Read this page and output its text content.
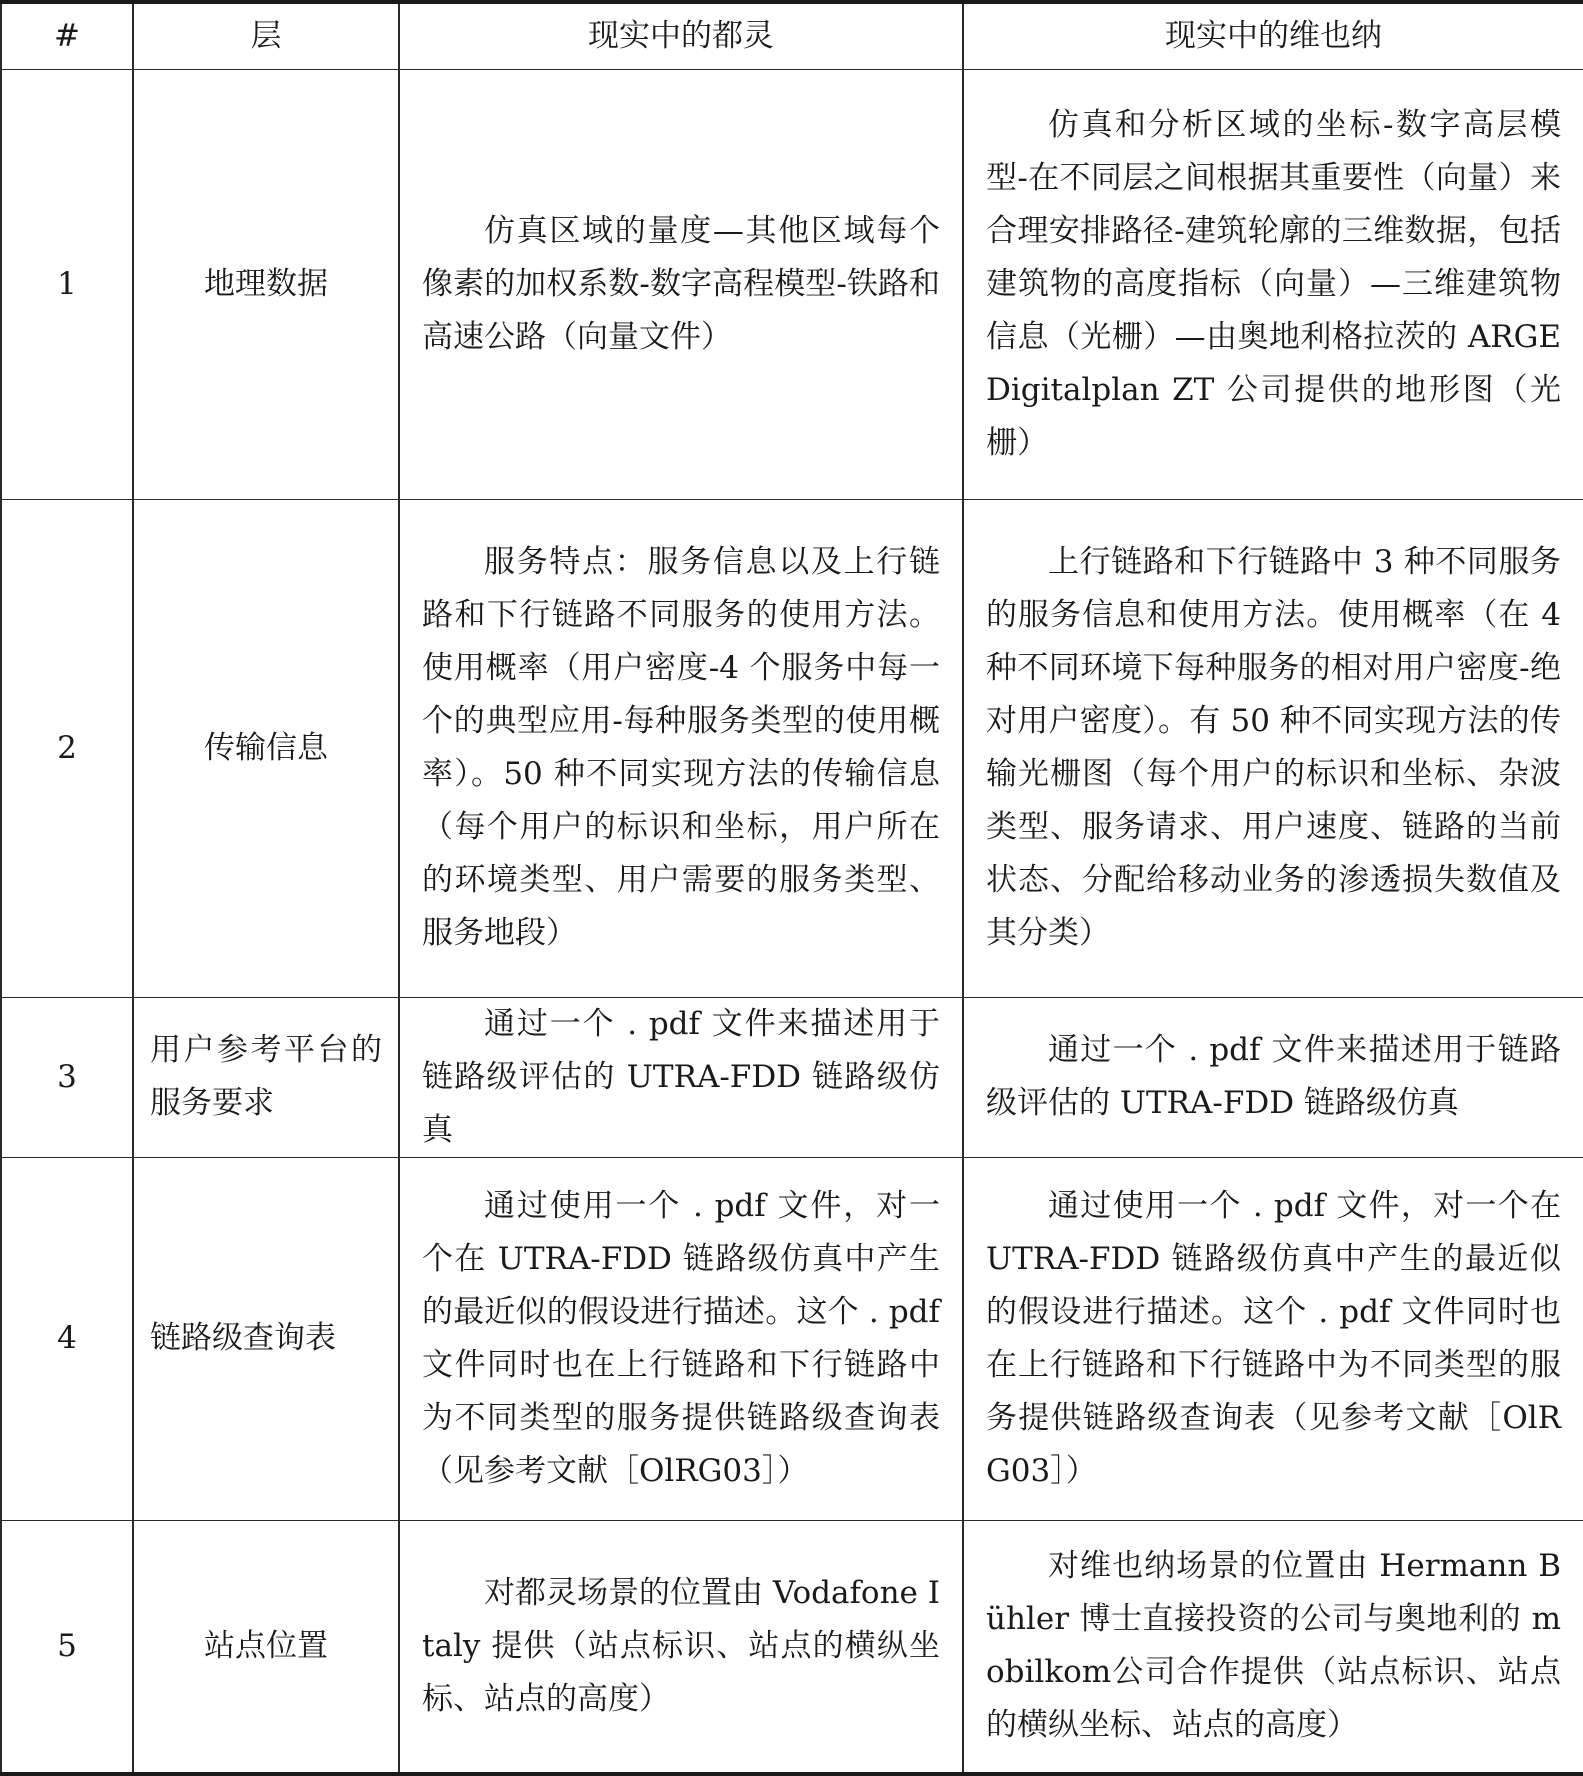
#	层	现实中的都灵	现实中的维也纳
1	地理数据	仿真区域的量度—其他区域每个像素的加权系数-数字高程模型-铁路和高速公路（向量文件）	仿真和分析区域的坐标-数字高层模型-在不同层之间根据其重要性（向量）来合理安排路径-建筑轮廓的三维数据，包括建筑物的高度指标（向量）—三维建筑物信息（光栅）—由奥地利格拉茨的 ARGE Digitalplan ZT 公司提供的地形图（光栅）
2	传输信息	服务特点：服务信息以及上行链路和下行链路不同服务的使用方法。使用概率（用户密度-4 个服务中每一个的典型应用-每种服务类型的使用概率）。50 种不同实现方法的传输信息（每个用户的标识和坐标，用户所在的环境类型、用户需要的服务类型、服务地段）	上行链路和下行链路中 3 种不同服务的服务信息和使用方法。使用概率（在 4 种不同环境下每种服务的相对用户密度-绝对用户密度）。有 50 种不同实现方法的传输光栅图（每个用户的标识和坐标、杂波类型、服务请求、用户速度、链路的当前状态、分配给移动业务的渗透损失数值及其分类）
3	用户参考平台的服务要求	通过一个 . pdf 文件来描述用于链路级评估的 UTRA-FDD 链路级仿真	通过一个 . pdf 文件来描述用于链路级评估的 UTRA-FDD 链路级仿真
4	链路级查询表	通过使用一个 . pdf 文件，对一个在 UTRA-FDD 链路级仿真中产生的最近似的假设进行描述。这个 . pdf 文件同时也在上行链路和下行链路中为不同类型的服务提供链路级查询表（见参考文献［OlRG03］）	通过使用一个 . pdf 文件，对一个在 UTRA-FDD 链路级仿真中产生的最近似的假设进行描述。这个 . pdf 文件同时也在上行链路和下行链路中为不同类型的服务提供链路级查询表（见参考文献［OlRG03］）
5	站点位置	对都灵场景的位置由 Vodafone Italy 提供（站点标识、站点的横纵坐标、站点的高度）	对维也纳场景的位置由 Hermann Bühler 博士直接投资的公司与奥地利的 mobilkom公司合作提供（站点标识、站点的横纵坐标、站点的高度）
